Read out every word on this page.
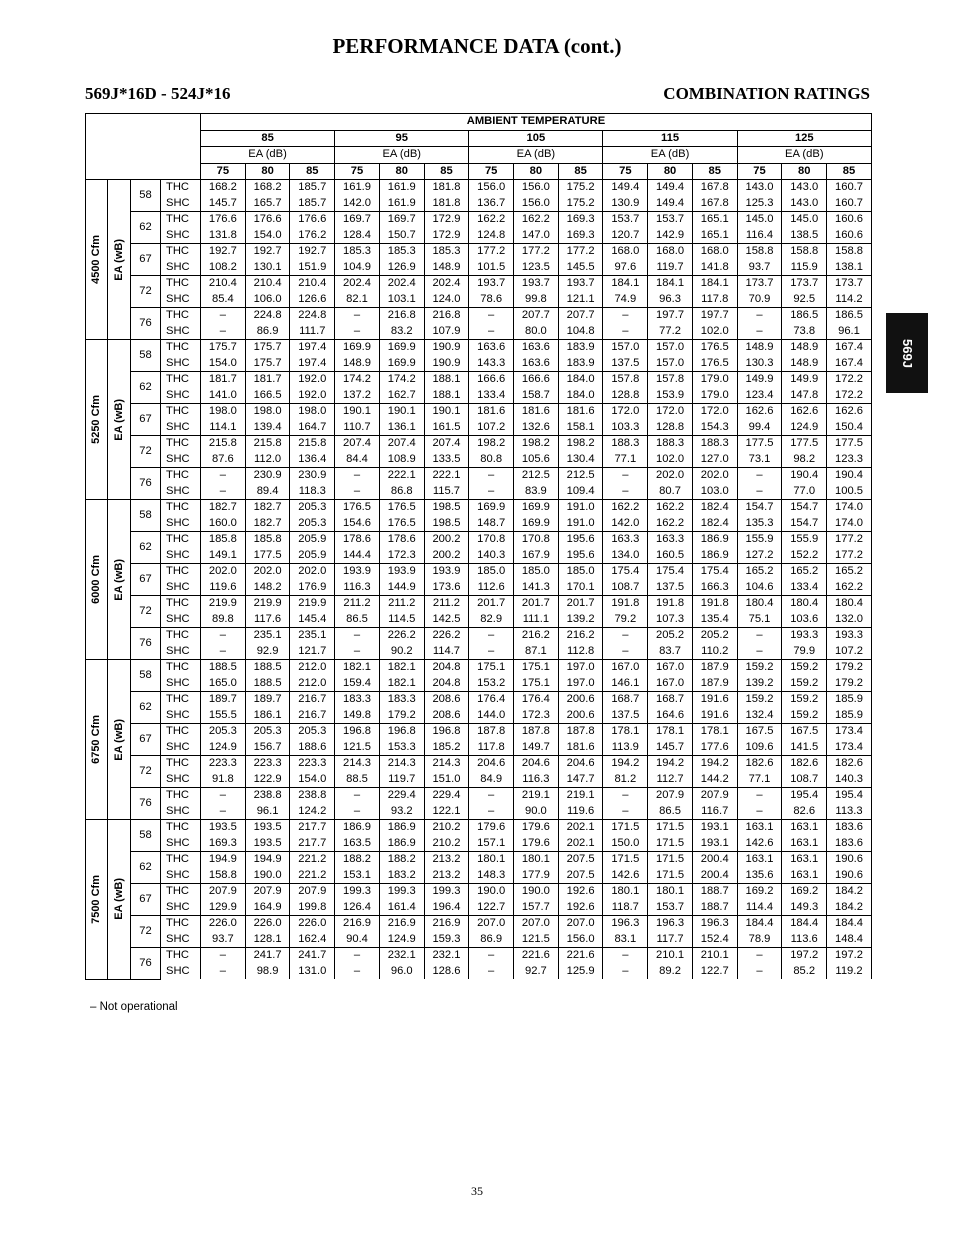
PERFORMANCE DATA (cont.)
569J*16D - 524J*16	COMBINATION RATINGS
569J
				AMBIENT TEMPERATURE														
				85			95			105			115			125		
				EA (dB)			EA (dB)			EA (dB)			EA (dB)			EA (dB)		
				75	80	85	75	80	85	75	80	85	75	80	85	75	80	85

4500 Cfm	EA (wB)	58	THC	168.2	168.2	185.7	161.9	161.9	181.8	156.0	156.0	175.2	149.4	149.4	167.8	143.0	143.0	160.7
			SHC	145.7	165.7	185.7	142.0	161.9	181.8	136.7	156.0	175.2	130.9	149.4	167.8	125.3	143.0	160.7
		62	THC	176.6	176.6	176.6	169.7	169.7	172.9	162.2	162.2	169.3	153.7	153.7	165.1	145.0	145.0	160.6
			SHC	131.8	154.0	176.2	128.4	150.7	172.9	124.8	147.0	169.3	120.7	142.9	165.1	116.4	138.5	160.6
		67	THC	192.7	192.7	192.7	185.3	185.3	185.3	177.2	177.2	177.2	168.0	168.0	168.0	158.8	158.8	158.8
			SHC	108.2	130.1	151.9	104.9	126.9	148.9	101.5	123.5	145.5	97.6	119.7	141.8	93.7	115.9	138.1
		72	THC	210.4	210.4	210.4	202.4	202.4	202.4	193.7	193.7	193.7	184.1	184.1	184.1	173.7	173.7	173.7
			SHC	85.4	106.0	126.6	82.1	103.1	124.0	78.6	99.8	121.1	74.9	96.3	117.8	70.9	92.5	114.2
		76	THC	–	224.8	224.8	–	216.8	216.8	–	207.7	207.7	–	197.7	197.7	–	186.5	186.5
			SHC	–	86.9	111.7	–	83.2	107.9	–	80.0	104.8	–	77.2	102.0	–	73.8	96.1

5250 Cfm	EA (wB)	58	THC	175.7	175.7	197.4	169.9	169.9	190.9	163.6	163.6	183.9	157.0	157.0	176.5	148.9	148.9	167.4
			SHC	154.0	175.7	197.4	148.9	169.9	190.9	143.3	163.6	183.9	137.5	157.0	176.5	130.3	148.9	167.4
		62	THC	181.7	181.7	192.0	174.2	174.2	188.1	166.6	166.6	184.0	157.8	157.8	179.0	149.9	149.9	172.2
			SHC	141.0	166.5	192.0	137.2	162.7	188.1	133.4	158.7	184.0	128.8	153.9	179.0	123.4	147.8	172.2
		67	THC	198.0	198.0	198.0	190.1	190.1	190.1	181.6	181.6	181.6	172.0	172.0	172.0	162.6	162.6	162.6
			SHC	114.1	139.4	164.7	110.7	136.1	161.5	107.2	132.6	158.1	103.3	128.8	154.3	99.4	124.9	150.4
		72	THC	215.8	215.8	215.8	207.4	207.4	207.4	198.2	198.2	198.2	188.3	188.3	188.3	177.5	177.5	177.5
			SHC	87.6	112.0	136.4	84.4	108.9	133.5	80.8	105.6	130.4	77.1	102.0	127.0	73.1	98.2	123.3
		76	THC	–	230.9	230.9	–	222.1	222.1	–	212.5	212.5	–	202.0	202.0	–	190.4	190.4
			SHC	–	89.4	118.3	–	86.8	115.7	–	83.9	109.4	–	80.7	103.0	–	77.0	100.5

6000 Cfm	EA (wB)	58	THC	182.7	182.7	205.3	176.5	176.5	198.5	169.9	169.9	191.0	162.2	162.2	182.4	154.7	154.7	174.0
			SHC	160.0	182.7	205.3	154.6	176.5	198.5	148.7	169.9	191.0	142.0	162.2	182.4	135.3	154.7	174.0
		62	THC	185.8	185.8	205.9	178.6	178.6	200.2	170.8	170.8	195.6	163.3	163.3	186.9	155.9	155.9	177.2
			SHC	149.1	177.5	205.9	144.4	172.3	200.2	140.3	167.9	195.6	134.0	160.5	186.9	127.2	152.2	177.2
		67	THC	202.0	202.0	202.0	193.9	193.9	193.9	185.0	185.0	185.0	175.4	175.4	175.4	165.2	165.2	165.2
			SHC	119.6	148.2	176.9	116.3	144.9	173.6	112.6	141.3	170.1	108.7	137.5	166.3	104.6	133.4	162.2
		72	THC	219.9	219.9	219.9	211.2	211.2	211.2	201.7	201.7	201.7	191.8	191.8	191.8	180.4	180.4	180.4
			SHC	89.8	117.6	145.4	86.5	114.5	142.5	82.9	111.1	139.2	79.2	107.3	135.4	75.1	103.6	132.0
		76	THC	–	235.1	235.1	–	226.2	226.2	–	216.2	216.2	–	205.2	205.2	–	193.3	193.3
			SHC	–	92.9	121.7	–	90.2	114.7	–	87.1	112.8	–	83.7	110.2	–	79.9	107.2

6750 Cfm	EA (wB)	58	THC	188.5	188.5	212.0	182.1	182.1	204.8	175.1	175.1	197.0	167.0	167.0	187.9	159.2	159.2	179.2
			SHC	165.0	188.5	212.0	159.4	182.1	204.8	153.2	175.1	197.0	146.1	167.0	187.9	139.2	159.2	179.2
		62	THC	189.7	189.7	216.7	183.3	183.3	208.6	176.4	176.4	200.6	168.7	168.7	191.6	159.2	159.2	185.9
			SHC	155.5	186.1	216.7	149.8	179.2	208.6	144.0	172.3	200.6	137.5	164.6	191.6	132.4	159.2	185.9
		67	THC	205.3	205.3	205.3	196.8	196.8	196.8	187.8	187.8	187.8	178.1	178.1	178.1	167.5	167.5	173.4
			SHC	124.9	156.7	188.6	121.5	153.3	185.2	117.8	149.7	181.6	113.9	145.7	177.6	109.6	141.5	173.4
		72	THC	223.3	223.3	223.3	214.3	214.3	214.3	204.6	204.6	204.6	194.2	194.2	194.2	182.6	182.6	182.6
			SHC	91.8	122.9	154.0	88.5	119.7	151.0	84.9	116.3	147.7	81.2	112.7	144.2	77.1	108.7	140.3
		76	THC	–	238.8	238.8	–	229.4	229.4	–	219.1	219.1	–	207.9	207.9	–	195.4	195.4
			SHC	–	96.1	124.2	–	93.2	122.1	–	90.0	119.6	–	86.5	116.7	–	82.6	113.3

7500 Cfm	EA (wB)	58	THC	193.5	193.5	217.7	186.9	186.9	210.2	179.6	179.6	202.1	171.5	171.5	193.1	163.1	163.1	183.6
			SHC	169.3	193.5	217.7	163.5	186.9	210.2	157.1	179.6	202.1	150.0	171.5	193.1	142.6	163.1	183.6
		62	THC	194.9	194.9	221.2	188.2	188.2	213.2	180.1	180.1	207.5	171.5	171.5	200.4	163.1	163.1	190.6
			SHC	158.8	190.0	221.2	153.1	183.2	213.2	148.3	177.9	207.5	142.6	171.5	200.4	135.6	163.1	190.6
		67	THC	207.9	207.9	207.9	199.3	199.3	199.3	190.0	190.0	192.6	180.1	180.1	188.7	169.2	169.2	184.2
			SHC	129.9	164.9	199.8	126.4	161.4	196.4	122.7	157.7	192.6	118.7	153.7	188.7	114.4	149.3	184.2
		72	THC	226.0	226.0	226.0	216.9	216.9	216.9	207.0	207.0	207.0	196.3	196.3	196.3	184.4	184.4	184.4
			SHC	93.7	128.1	162.4	90.4	124.9	159.3	86.9	121.5	156.0	83.1	117.7	152.4	78.9	113.6	148.4
		76	THC	–	241.7	241.7	–	232.1	232.1	–	221.6	221.6	–	210.1	210.1	–	197.2	197.2
			SHC	–	98.9	131.0	–	96.0	128.6	–	92.7	125.9	–	89.2	122.7	–	85.2	119.2
– Not operational
35
